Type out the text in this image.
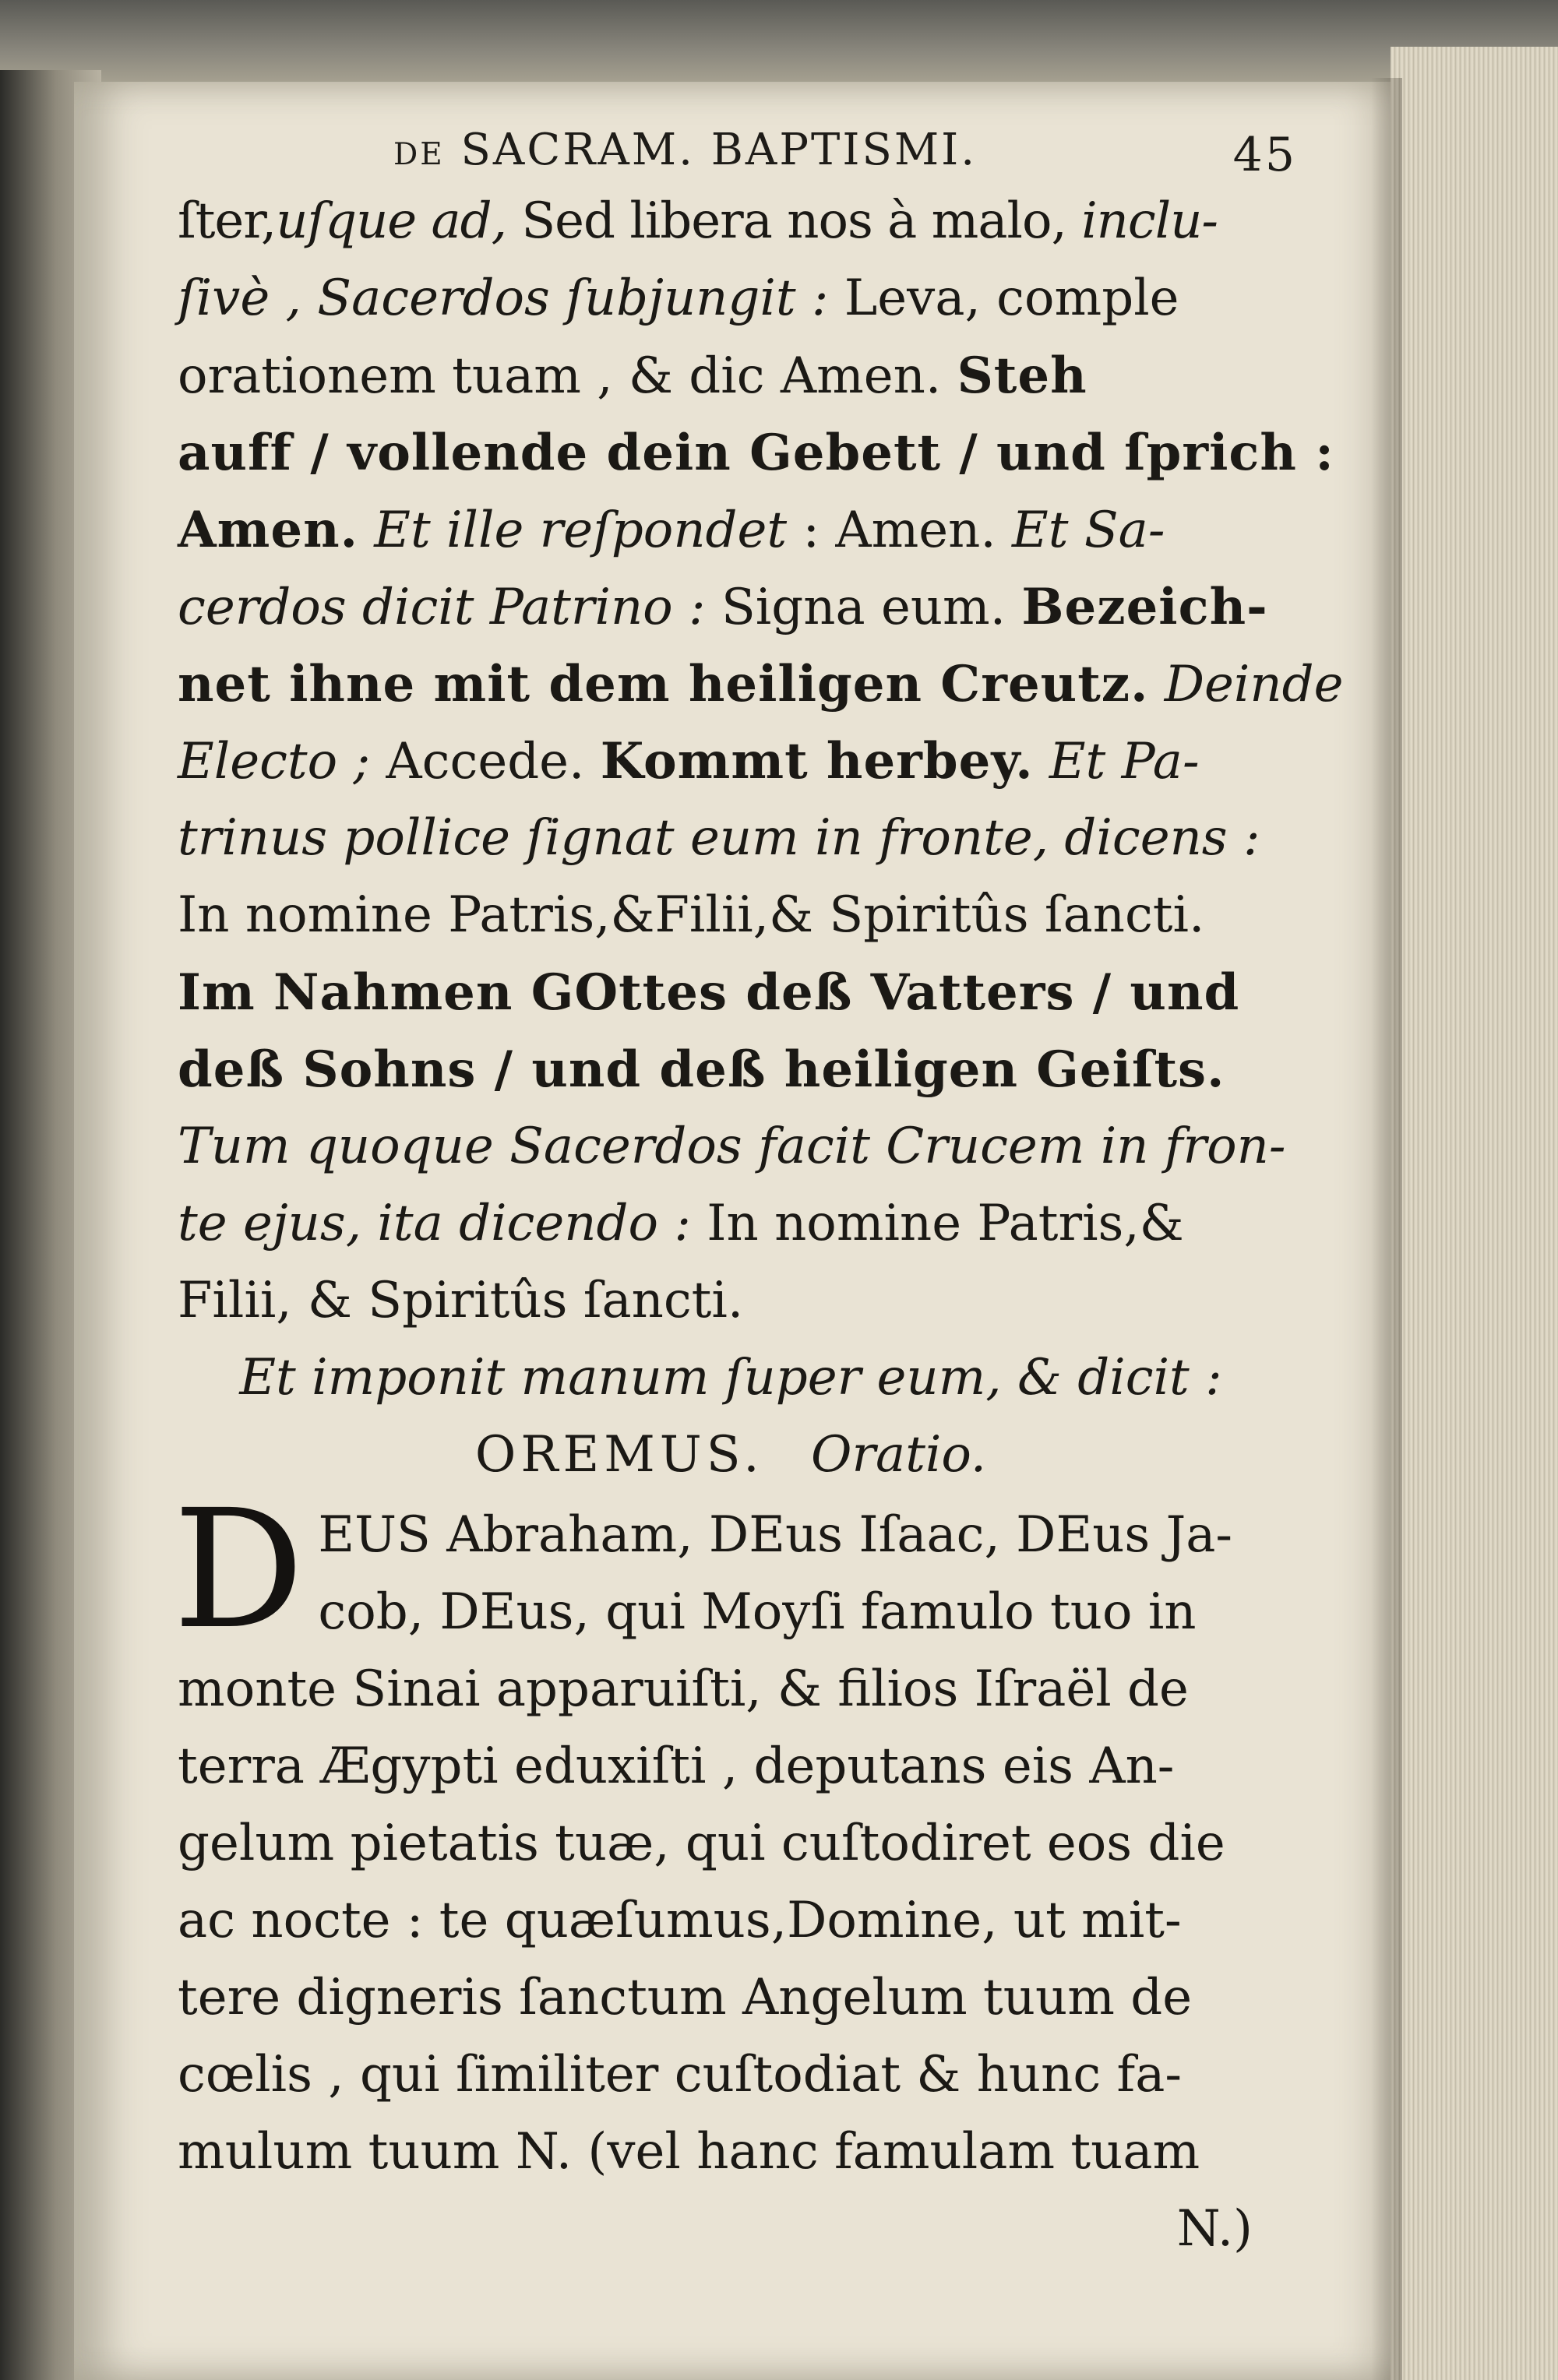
de SACRAM. BAPTISMI.	45
ſter,uſque ad, Sed libera nos à malo, inclu-
ſivè , Sacerdos ſubjungit : Leva, comple
orationem tuam , & dic Amen. Steh
auff / vollende dein Gebett / und ſprich :
Amen. Et ille reſpondet : Amen. Et Sa-
cerdos dicit Patrino : Signa eum. Bezeich-
net ihne mit dem heiligen Creutz. Deinde
Electo ; Accede. Kommt herbey. Et Pa-
trinus pollice ſignat eum in fronte, dicens :
In nomine Patris,&Filii,& Spiritûs ſancti.
Im Nahmen GOttes deß Vatters / und
deß Sohns / und deß heiligen Geiſts.
Tum quoque Sacerdos facit Crucem in fron-
te ejus, ita dicendo : In nomine Patris,&
Filii, & Spiritûs ſancti.
Et imponit manum ſuper eum, & dicit :
OREMUS. Oratio.
D EUS Abraham, DEus Iſaac, DEus Ja-
cob, DEus, qui Moyſi famulo tuo in
monte Sinai apparuiſti, & filios Iſraël de
terra Ægypti eduxiſti , deputans eis An-
gelum pietatis tuæ, qui cuſtodiret eos die
ac nocte : te quæſumus,Domine, ut mit-
tere digneris ſanctum Angelum tuum de
cœlis , qui ſimiliter cuſtodiat & hunc fa-
mulum tuum N. (vel hanc famulam tuam
N.)
